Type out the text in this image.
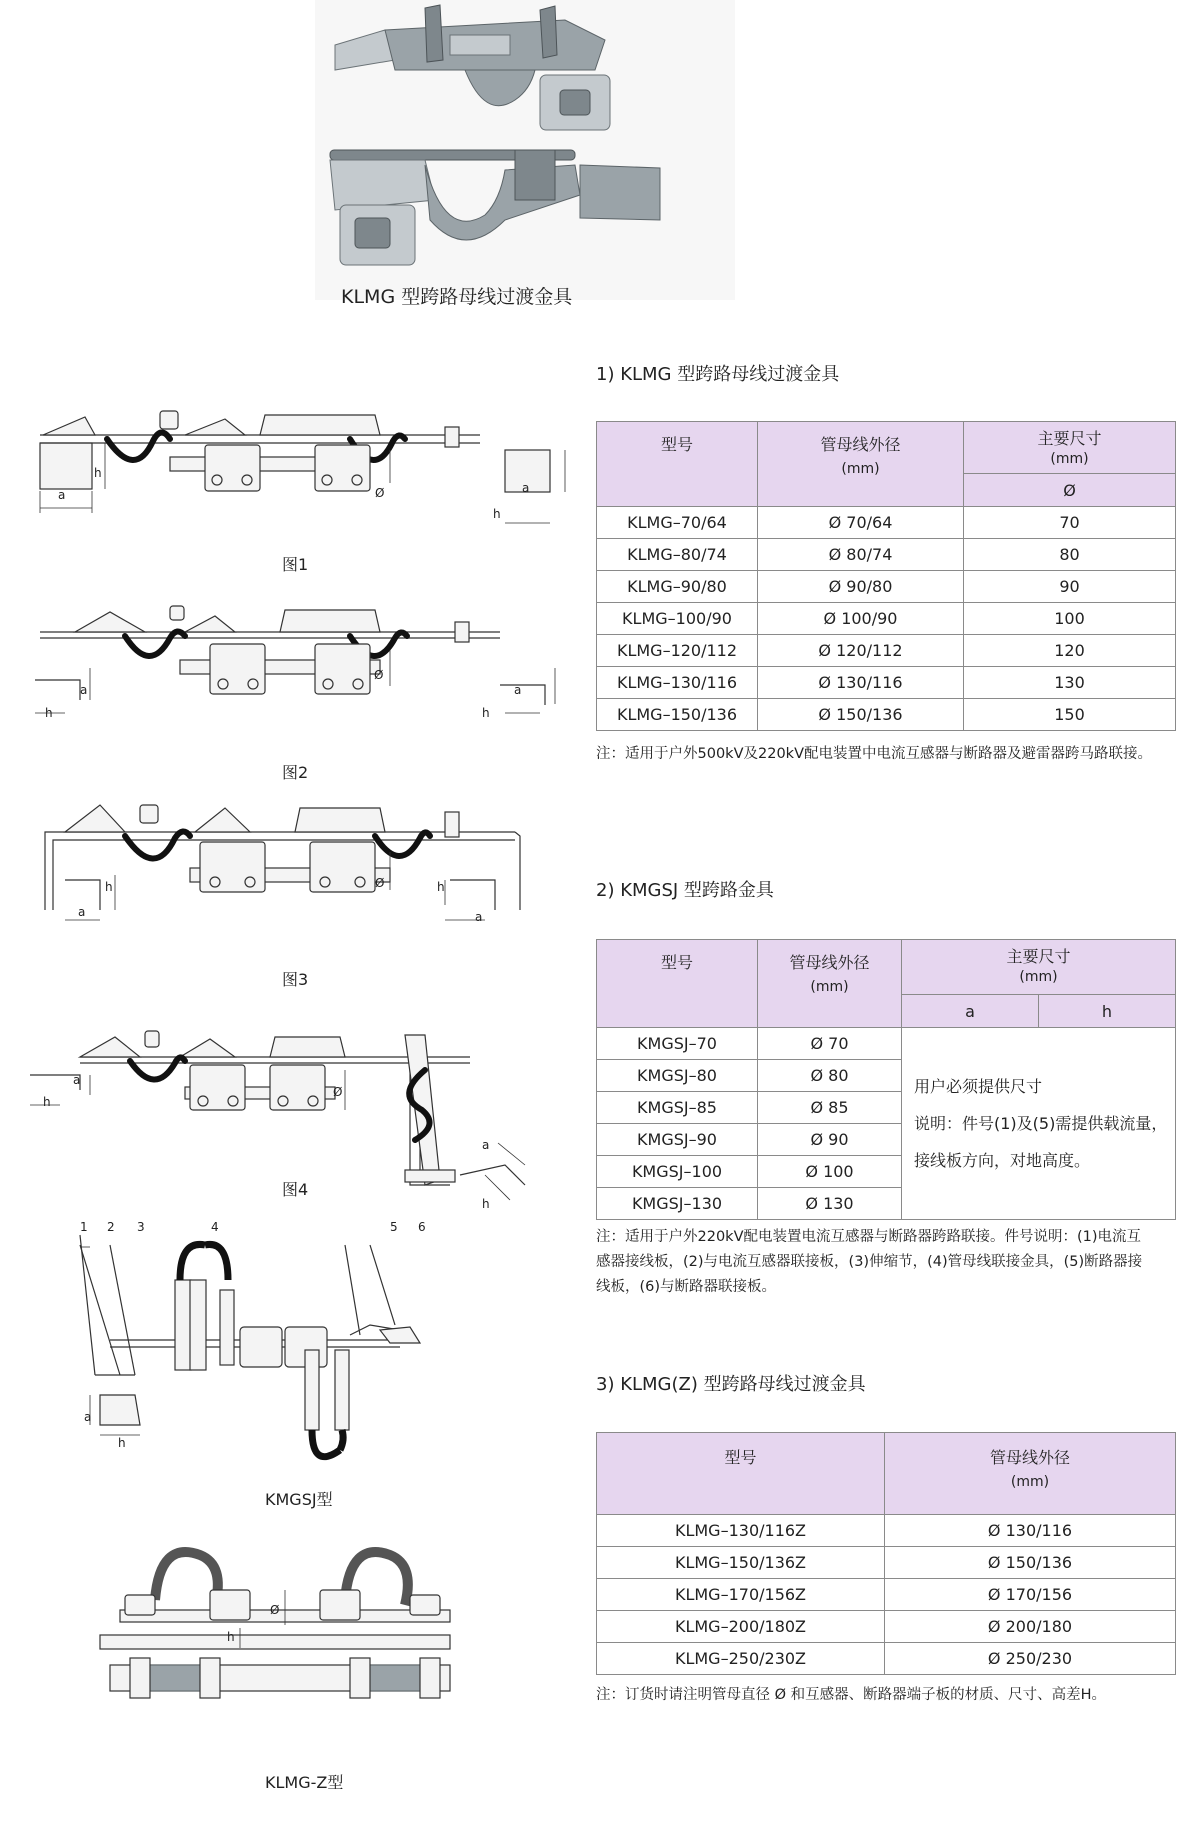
KLMG 型跨路母线过渡金具
a
h
Ø
h
a
图1
a
h
Ø
h
a
图2
a
h	Ø	h
a
图3
a
h
Ø
a
h
图4
1 2 3	4	5 6
a
h
KMGSJ型
Ø
h
KLMG-Z型
1) KLMG 型跨路母线过渡金具
型号	管母线外径
(mm)	主要尺寸
(mm)

		Ø
KLMG–70/64	Ø 70/64	70
KLMG–80/74	Ø 80/74	80
KLMG–90/80	Ø 90/80	90
KLMG–100/90	Ø 100/90	100
KLMG–120/112	Ø 120/112	120
KLMG–130/116	Ø 130/116	130
KLMG–150/136	Ø 150/136	150
注：适用于户外500kV及220kV配电装置中电流互感器与断路器及避雷器跨马路联接。
2) KMGSJ 型跨路金具
型号	管母线外径
(mm)	主要尺寸
(mm)	

		a	h
KMGSJ–70	Ø 70	用户必须提供尺寸
说明：件号(1)及(5)需提供载流量，
接线板方向，对地高度。	

KMGSJ–80	Ø 80		
KMGSJ–85	Ø 85		
KMGSJ–90	Ø 90		
KMGSJ–100	Ø 100		
KMGSJ–130	Ø 130		
注：适用于户外220kV配电装置电流互感器与断路器跨路联接。件号说明：(1)电流互
感器接线板，(2)与电流互感器联接板，(3)伸缩节，(4)管母线联接金具，(5)断路器接
线板，(6)与断路器联接板。
3) KLMG(Z) 型跨路母线过渡金具
型号	管母线外径
(mm)

KLMG–130/116Z	Ø 130/116
KLMG–150/136Z	Ø 150/136
KLMG–170/156Z	Ø 170/156
KLMG–200/180Z	Ø 200/180
KLMG–250/230Z	Ø 250/230
注：订货时请注明管母直径 Ø 和互感器、断路器端子板的材质、尺寸、高差H。
